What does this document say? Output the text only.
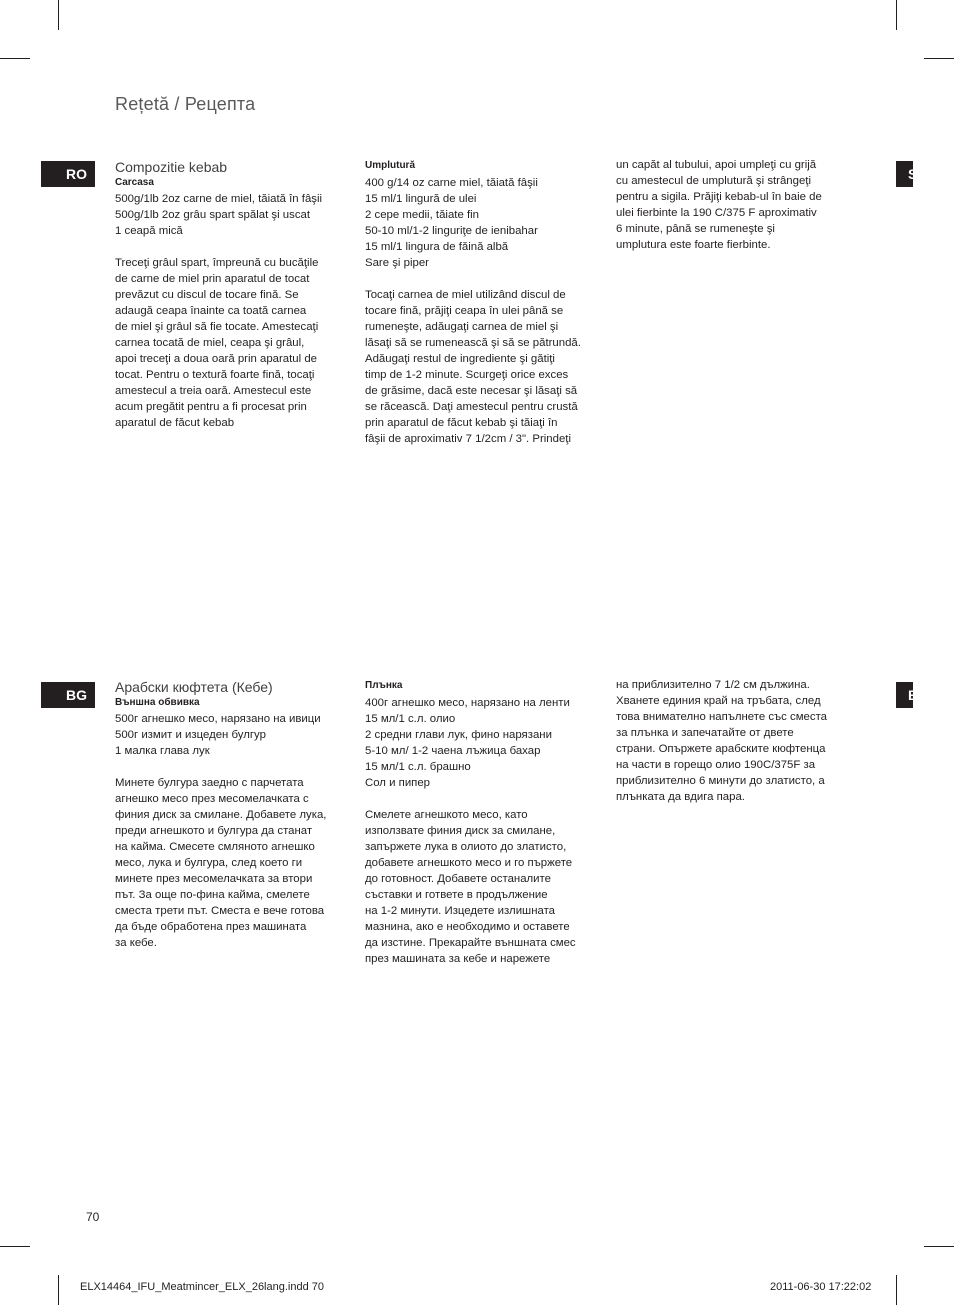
Rețetă / Рецепта
RO	S
Compozitie kebab
Carcasa
500g/1lb 2oz carne de miel, tăiată în fâşii
500g/1lb 2oz grâu spart spălat şi uscat
1 ceapă mică
Treceţi grâul spart, împreună cu bucăţile
de carne de miel prin aparatul de tocat
prevăzut cu discul de tocare fină. Se
adaugă ceapa înainte ca toată carnea
de miel şi grâul să fie tocate. Amestecaţi
carnea tocată de miel, ceapa şi grâul,
apoi treceţi a doua oară prin aparatul de
tocat. Pentru o textură foarte fină, tocaţi
amestecul a treia oară. Amestecul este
acum pregătit pentru a fi procesat prin
aparatul de făcut kebab
Umplutură
400 g/14 oz carne miel, tăiată fâşii
15 ml/1 lingură de ulei
2 cepe medii, tăiate fin
50-10 ml/1-2 linguriţe de ienibahar
15 ml/1 lingura de făină albă
Sare şi piper
Tocaţi carnea de miel utilizând discul de
tocare fină, prăjiţi ceapa în ulei până se
rumeneşte, adăugaţi carnea de miel şi
lăsaţi să se rumenească şi să se pătrundă.
Adăugaţi restul de ingrediente şi gătiţi
timp de 1-2 minute. Scurgeţi orice exces
de grăsime, dacă este necesar şi lăsaţi să
se răcească. Daţi amestecul pentru crustă
prin aparatul de făcut kebab şi tăiaţi în
fâşii de aproximativ 7 1/2cm / 3". Prindeţi
un capăt al tubului, apoi umpleţi cu grijă
cu amestecul de umplutură şi strângeţi
pentru a sigila. Prăjiţi kebab-ul în baie de
ulei fierbinte la 190 C/375 F aproximativ
6 minute, până se rumeneşte şi
umplutura este foarte fierbinte.
BG	E
Арабски кюфтета (Кебе)
Външна обвивка
500г агнешко месо, нарязано на ивици
500г измит и изцеден булгур
1 малка глава лук
Минете булгура заедно с парчетата
агнешко месо през месомелачката с
финия диск за смилане. Добавете лука,
преди агнешкото и булгура да станат
на кайма. Смесете смляното агнешко
месо, лука и булгура, след което ги
минете през месомелачката за втори
път. За още по-фина кайма, смелете
сместа трети път. Сместа е вече готова
да бъде обработена през машината
за кебе.
Плънка
400г агнешко месо, нарязано на ленти
15 мл/1 с.л. олио
2 средни глави лук, фино нарязани
5-10 мл/ 1-2 чаена лъжица бахар
15 мл/1 с.л. брашно
Сол и пипер
Смелете агнешкото месо, като
използвате финия диск за смилане,
запържете лука в олиото до златисто,
добавете агнешкото месо и го пържете
до готовност. Добавете останалите
съставки и гответе в продължение
на 1-2 минути. Изцедете излишната
мазнина, ако е необходимо и оставете
да изстине. Прекарайте външната смес
през машината за кебе и нарежете
на приблизително 7 1/2 см дължина.
Хванете единия край на тръбата, след
това внимателно напълнете със сместа
за плънка и запечатайте от двете
страни. Опържете арабските кюфтенца
на части в горещо олио 190C/375F за
приблизително 6 минути до златисто, а
плънката да вдига пара.
70
ELX14464_IFU_Meatmincer_ELX_26lang.indd 70	2011-06-30 17:22:02
